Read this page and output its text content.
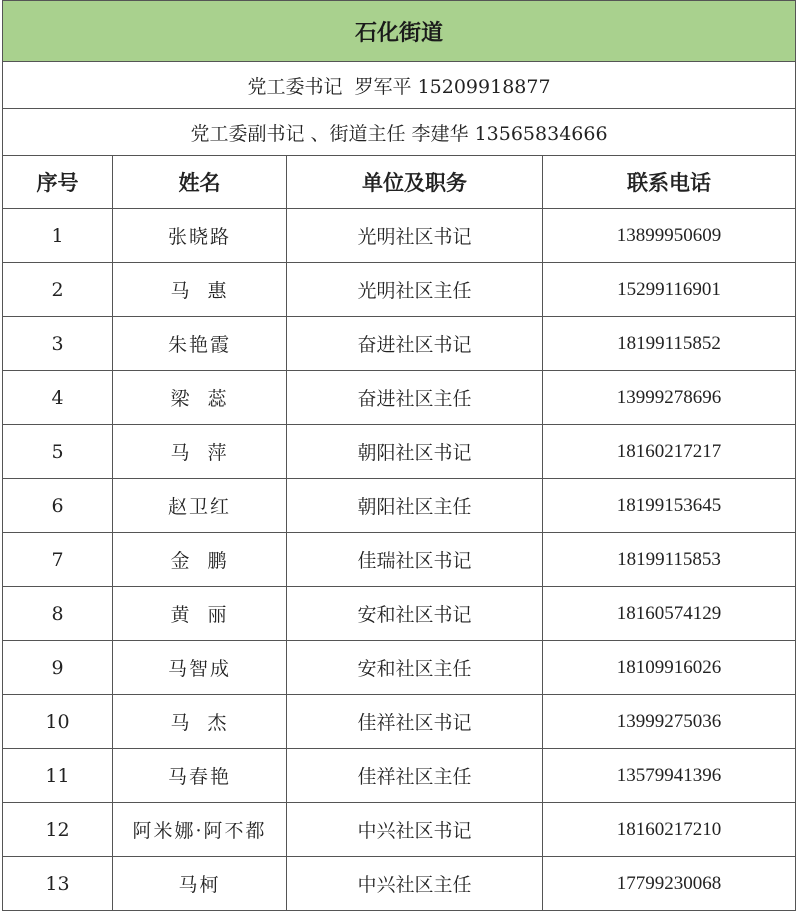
石化街道			
党工委书记  罗军平 15209918877			
党工委副书记 、街道主任 李建华 13565834666			
序号	姓名	单位及职务	联系电话
1	张晓路	光明社区书记	13899950609
2	马  惠	光明社区主任	15299116901
3	朱艳霞	奋进社区书记	18199115852
4	梁  蕊	奋进社区主任	13999278696
5	马  萍	朝阳社区书记	18160217217
6	赵卫红	朝阳社区主任	18199153645
7	金  鹏	佳瑞社区书记	18199115853
8	黄  丽	安和社区书记	18160574129
9	马智成	安和社区主任	18109916026
10	马  杰	佳祥社区书记	13999275036
11	马春艳	佳祥社区主任	13579941396
12	阿米娜·阿不都	中兴社区书记	18160217210
13	马柯	中兴社区主任	17799230068
